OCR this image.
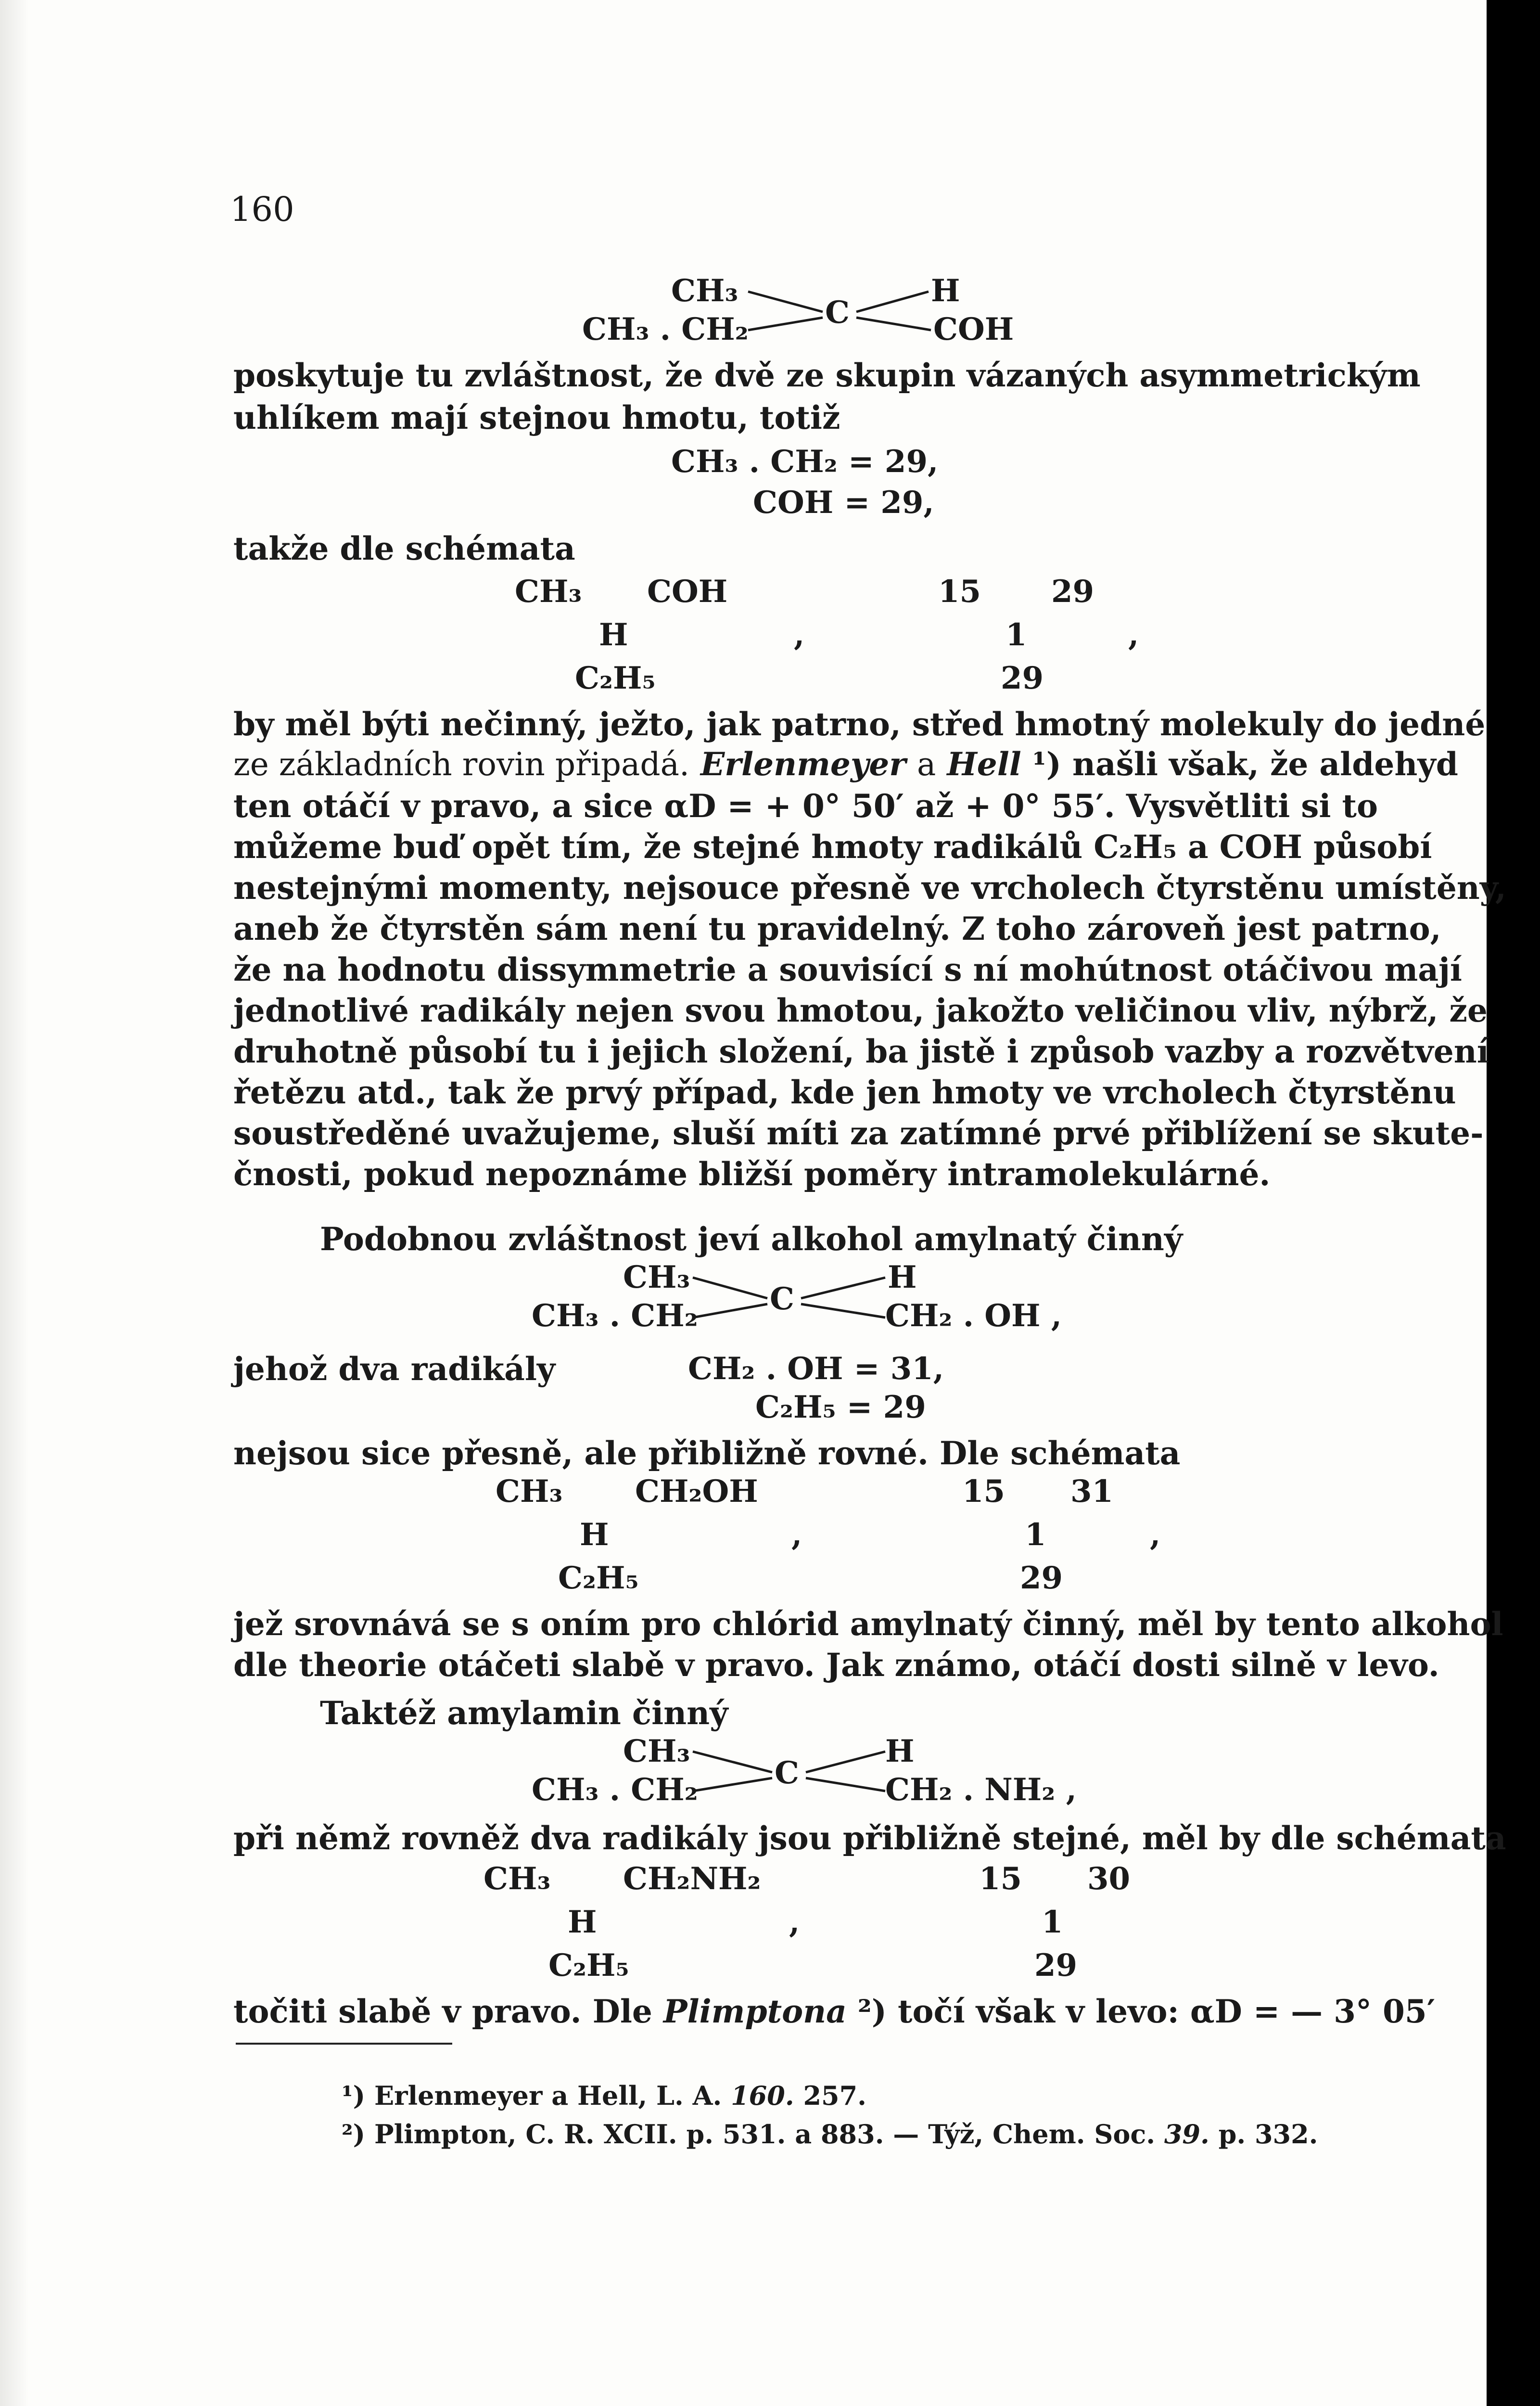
160
CH₃
CH₃ . CH₂ C
H
COH
poskytuje tu zvláštnost, že dvě ze skupin vázaných asymmetrickým
uhlíkem mají stejnou hmotu, totiž
CH₃ . CH₂ = 29,
COH = 29,
takže dle schémata
CH₃ COH	15 29
H	,	1	,
C₂H₅	29
by měl býti nečinný, ježto, jak patrno, střed hmotný molekuly do jedné
ze základních rovin připadá. Erlenmeyer a Hell ¹) našli však, že aldehyd
ten otáčí v pravo, a sice αD = + 0° 50′ až + 0° 55′. Vysvětliti si to
můžeme buď opět tím, že stejné hmoty radikálů C₂H₅ a COH působí
nestejnými momenty, nejsouce přesně ve vrcholech čtyrstěnu umístěny,
aneb že čtyrstěn sám není tu pravidelný. Z toho zároveň jest patrno,
že na hodnotu dissymmetrie a souvisící s ní mohútnost otáčivou mají
jednotlivé radikály nejen svou hmotou, jakožto veličinou vliv, nýbrž, že
druhotně působí tu i jejich složení, ba jistě i způsob vazby a rozvětvení
řetězu atd., tak že prvý případ, kde jen hmoty ve vrcholech čtyrstěnu
soustředěné uvažujeme, sluší míti za zatímné prvé přiblížení se skute-
čnosti, pokud nepoznáme bližší poměry intramolekulárné.
Podobnou zvláštnost jeví alkohol amylnatý činný
CH₃
CH₃ . CH₂ C
H
CH₂ . OH ,
jehož dva radikály	CH₂ . OH = 31,
C₂H₅ = 29
nejsou sice přesně, ale přibližně rovné. Dle schémata
CH₃ CH₂OH	15 31
H	,	1	,
C₂H₅	29
jež srovnává se s oním pro chlórid amylnatý činný, měl by tento alkohol
dle theorie otáčeti slabě v pravo. Jak známo, otáčí dosti silně v levo.
Taktéž amylamin činný
CH₃
CH₃ . CH₂ C
H
CH₂ . NH₂ ,
při němž rovněž dva radikály jsou přibližně stejné, měl by dle schémata
CH₃ CH₂NH₂	15 30
H	,	1
C₂H₅	29
točiti slabě v pravo. Dle Plimptona ²) točí však v levo: αD = — 3° 05′
¹) Erlenmeyer a Hell, L. A. 160. 257.
²) Plimpton, C. R. XCII. p. 531. a 883. — Týž, Chem. Soc. 39. p. 332.
